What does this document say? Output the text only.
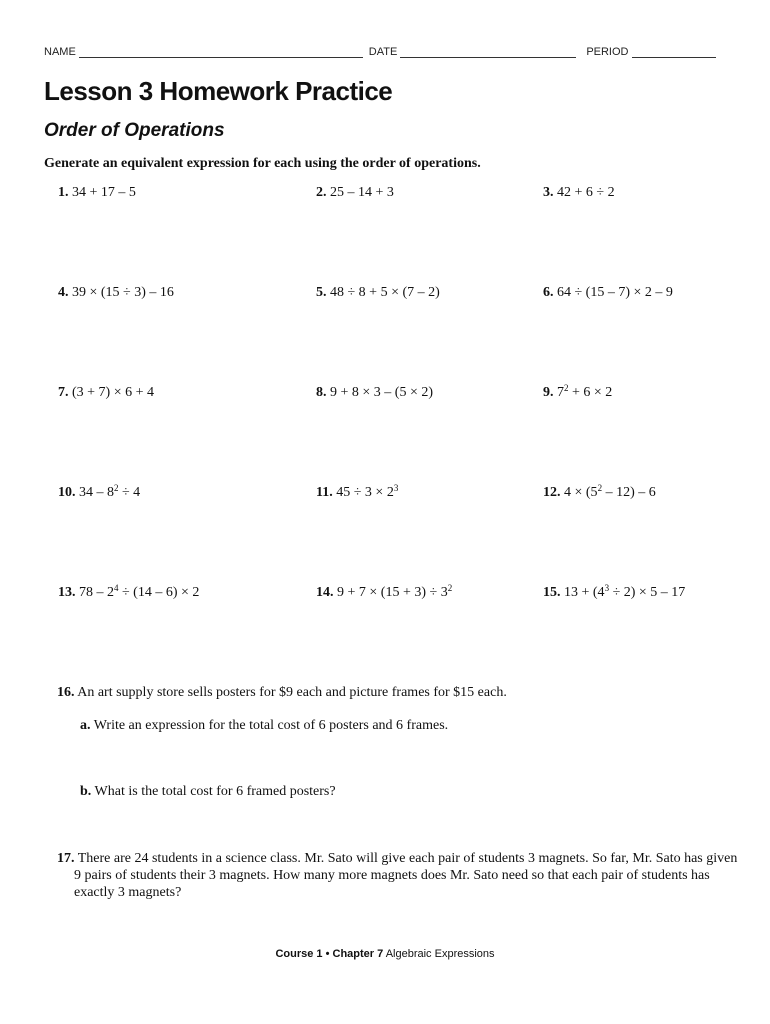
NAME	DATE	PERIOD
Lesson 3 Homework Practice
Order of Operations
Generate an equivalent expression for each using the order of operations.
1. 34 + 17 – 5	2. 25 – 14 + 3	3. 42 + 6 ÷ 2
4. 39 × (15 ÷ 3) – 16	5. 48 ÷ 8 + 5 × (7 – 2)	6. 64 ÷ (15 – 7) × 2 – 9
7. (3 + 7) × 6 + 4	8. 9 + 8 × 3 – (5 × 2)	9. $7^2 + 6 \times 2$
10. $34 - 8^2 \div 4$	11. $45 \div 3 \times 2^3$	12. $4 \times (5^2 - 12) - 6$
13. $78 - 2^4 \div (14 - 6) \times 2$	14. $9 + 7 \times (15 + 3) \div 3^2$	15. $13 + (4^3 \div 2) \times 5 - 17$
16. An art supply store sells posters for $9 each and picture frames for $15 each.
a. Write an expression for the total cost of 6 posters and 6 frames.
b. What is the total cost for 6 framed posters?
17. There are 24 students in a science class. Mr. Sato will give each pair of students 3 magnets. So far, Mr. Sato has given 9 pairs of students their 3 magnets. How many more magnets does Mr. Sato need so that each pair of students has exactly 3 magnets?
Course 1 • Chapter 7 Algebraic Expressions
